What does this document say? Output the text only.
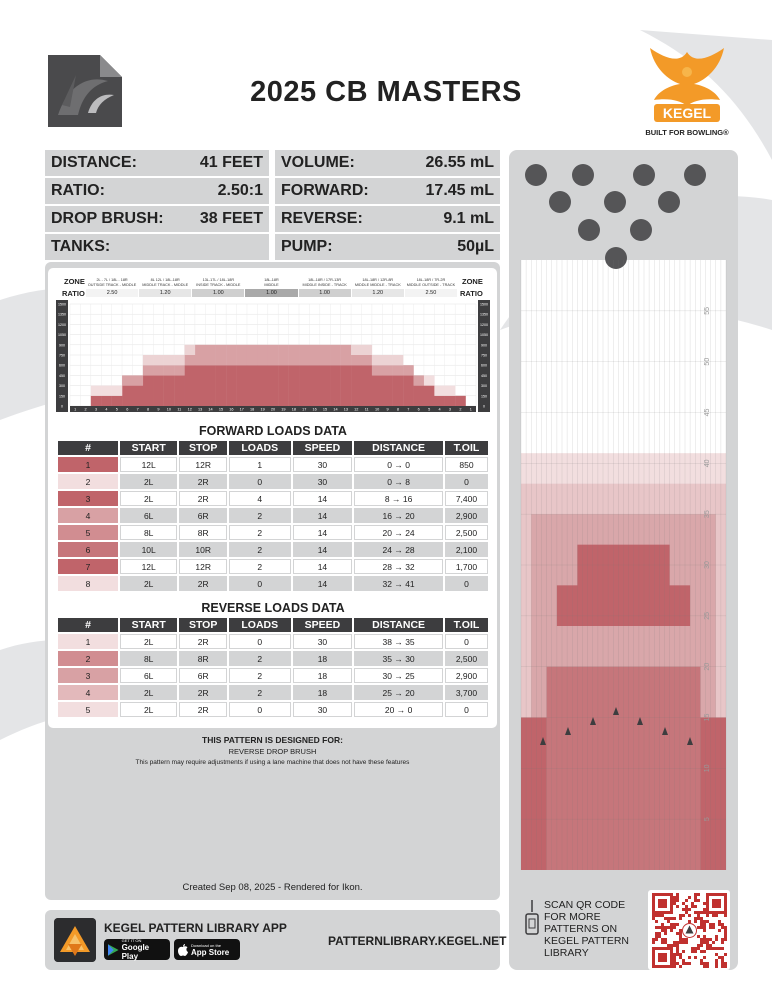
2025 CB MASTERS
KEGEL
BUILT FOR BOWLING®
DISTANCE:	41 FEET VOLUME:	26.55 mL
RATIO:	2.50:1 FORWARD:	17.45 mL
DROP BRUSH: 38 FEET REVERSE:	9.1 mL
TANKS:	PUMP:	50µL
ZONE
RATIO
ZONE
RATIO
2L - 7L / 18L - 18R
OUTSIDE TRACK - MIDDLE
2.50
8L 12L / 18L-18R
MIDDLE TRACK - MIDDLE
1.20
13L-17L / 18L-18R
INSIDE TRACK - MIDDLE
1.00
18L-18R
MIDDLE
1.00
18L-18R / 17R-13R
MIDDLE INSIDE - TRACK
1.00
18L-18R / 12R-8R
MIDDLE MIDDLE - TRACK
1.20
18L-18R / 7R-2R
MIDDLE OUTSIDE - TRACK
2.50
1500	1500
1350	1350
1200	1200
1050	1050
900	900
750	750
600	600
450	450
300	300
150	150
0	0
1 2 3 4 5 6 7 8 9 10 11 12 13 14 15 16 17 18 19 20 19 18 17 16 15 14 13 12 11 10 9 8 7 6 5 4 3 2 1
FORWARD LOADS DATA
#	START	STOP	LOADS	SPEED	DISTANCE	T.OIL
1	12L	12R	1	30	0 → 0	850
2	2L	2R	0	30	0 → 8	0
3	2L	2R	4	14	8 → 16	7,400
4	6L	6R	2	14	16 → 20	2,900
5	8L	8R	2	14	20 → 24	2,500
6	10L	10R	2	14	24 → 28	2,100
7	12L	12R	2	14	28 → 32	1,700
8	2L	2R	0	14	32 → 41	0
REVERSE LOADS DATA
#	START	STOP	LOADS	SPEED	DISTANCE	T.OIL
1	2L	2R	0	30	38 → 35	0
2	8L	8R	2	18	35 → 30	2,500
3	6L	6R	2	18	30 → 25	2,900
4	2L	2R	2	18	25 → 20	3,700
5	2L	2R	0	30	20 → 0	0
THIS PATTERN IS DESIGNED FOR:
REVERSE DROP BRUSH
This pattern may require adjustments if using a lane machine that does not have these features
Created Sep 08, 2025 - Rendered for Ikon.
KEGEL PATTERN LIBRARY APP
GET IT ON
Google Play
Download on the
App Store
PATTERNLIBRARY.KEGEL.NET
55
50
45
40
35
30
25
20
15
10
5
SCAN QR CODE FOR MORE PATTERNS ON KEGEL PATTERN LIBRARY
